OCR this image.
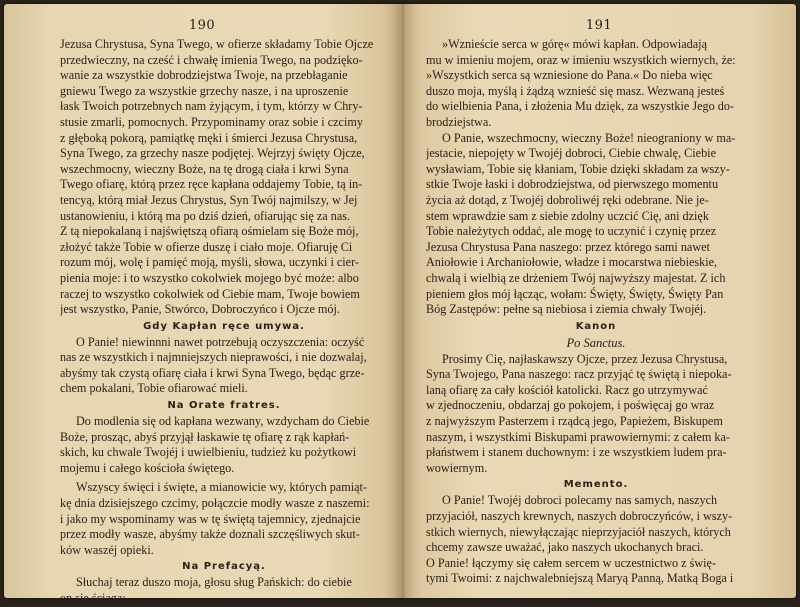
190
Jezusa Chrystusa, Syna Twego, w ofierze składamy Tobie Ojcze
przedwieczny, na cześć i chwałę imienia Twego, na podzięko-
wanie za wszystkie dobrodziejstwa Twoje, na przebłaganie
gniewu Twego za wszystkie grzechy nasze, i na uproszenie
łask Twoich potrzebnych nam żyjącym, i tym, którzy w Chry-
stusie zmarli, pomocnych. Przypominamy oraz sobie i czcimy
z głęboką pokorą, pamiątkę męki i śmierci Jezusa Chrystusa,
Syna Twego, za grzechy nasze podjętej. Wejrzyj święty Ojcze,
wszechmocny, wieczny Boże, na tę drogą ciała i krwi Syna
Twego ofiarę, którą przez ręce kapłana oddajemy Tobie, tą in-
tencyą, którą miał Jezus Chrystus, Syn Twój najmilszy, w Jej
ustanowieniu, i którą ma po dziś dzień, ofiarując się za nas.
Z tą niepokalaną i najświętszą ofiarą ośmielam się Boże mój,
złożyć także Tobie w ofierze duszę i ciało moje. Ofiaruję Ci
rozum mój, wolę i pamięć moją, myśli, słowa, uczynki i cier-
pienia moje: i to wszystko cokolwiek mojego być może: albo
raczej to wszystko cokolwiek od Ciebie mam, Twoje bowiem
jest wszystko, Panie, Stwórco, Dobroczyńco i Ojcze mój.
Gdy Kapłan ręce umywa.
O Panie! niewinnni nawet potrzebują oczyszczenia: oczyść
nas ze wszystkich i najmniejszych nieprawości, i nie dozwalaj,
abyśmy tak czystą ofiarę ciała i krwi Syna Twego, będąc grze-
chem pokalani, Tobie ofiarować mieli.
Na Orate fratres.
Do modlenia się od kapłana wezwany, wzdycham do Ciebie
Boże, prosząc, abyś przyjął łaskawie tę ofiarę z rąk kapłań-
skich, ku chwale Twojéj i uwielbieniu, tudzież ku pożytkowi
mojemu i całego kościoła świętego.
Wszyscy święci i święte, a mianowicie wy, których pamiąt-
kę dnia dzisiejszego czcimy, połączcie modły wasze z naszemi:
i jako my wspominamy was w tę świętą tajemnicy, zjednajcie
przez modły wasze, abyśmy także doznali szczęśliwych skut-
ków waszéj opieki.
Na Prefacyą.
Słuchaj teraz duszo moja, głosu sług Pańskich: do ciebie
on się ściąga:
191
»Wznieście serca w górę« mówi kapłan. Odpowiadają
mu w imieniu mojem, oraz w imieniu wszystkich wiernych, że:
»Wszystkich serca są wzniesione do Pana.« Do nieba więc
duszo moja, myślą i żądzą wznieść się masz. Wezwaną jesteś
do wielbienia Pana, i złożenia Mu dzięk, za wszystkie Jego do-
brodziejstwa.
O Panie, wszechmocny, wieczny Boże! nieograniony w ma-
jestacie, niepojęty w Twojéj dobroci, Ciebie chwalę, Ciebie
wysławiam, Tobie się kłaniam, Tobie dzięki składam za wszy-
stkie Twoje łaski i dobrodziejstwa, od pierwszego momentu
życia aż dotąd, z Twojéj dobroliwéj ręki odebrane. Nie je-
stem wprawdzie sam z siebie zdolny uczcić Cię, ani dzięk
Tobie należytych oddać, ale mogę to uczynić i czynię przez
Jezusa Chrystusa Pana naszego: przez którego sami nawet
Aniołowie i Archaniołowie, władze i mocarstwa niebieskie,
chwalą i wielbią ze drżeniem Twój najwyższy majestat. Z ich
pieniem głos mój łącząc, wołam: Święty, Święty, Święty Pan
Bóg Zastępów: pełne są niebiosa i ziemia chwały Twojéj.
Kanon
Po Sanctus.
Prosimy Cię, najłaskawszy Ojcze, przez Jezusa Chrystusa,
Syna Twojego, Pana naszego: racz przyjąć tę świętą i niepoka-
laną ofiarę za cały kościół katolicki. Racz go utrzymywać
w zjednoczeniu, obdarzaj go pokojem, i poświęcaj go wraz
z najwyższym Pasterzem i rządcą jego, Papieżem, Biskupem
naszym, i wszystkimi Biskupami prawowiernymi: z całem ka-
płaństwem i stanem duchownym: i ze wszystkiem ludem pra-
wowiernym.
Memento.
O Panie! Twojéj dobroci polecamy nas samych, naszych
przyjaciół, naszych krewnych, naszych dobroczyńców, i wszy-
stkich wiernych, niewyłączając nieprzyjaciół naszych, których
chcemy zawsze uważać, jako naszych ukochanych braci.
O Panie! łączymy się całem sercem w uczestnictwo z świę-
tymi Twoimi: z najchwalebniejszą Maryą Panną, Matką Boga i
